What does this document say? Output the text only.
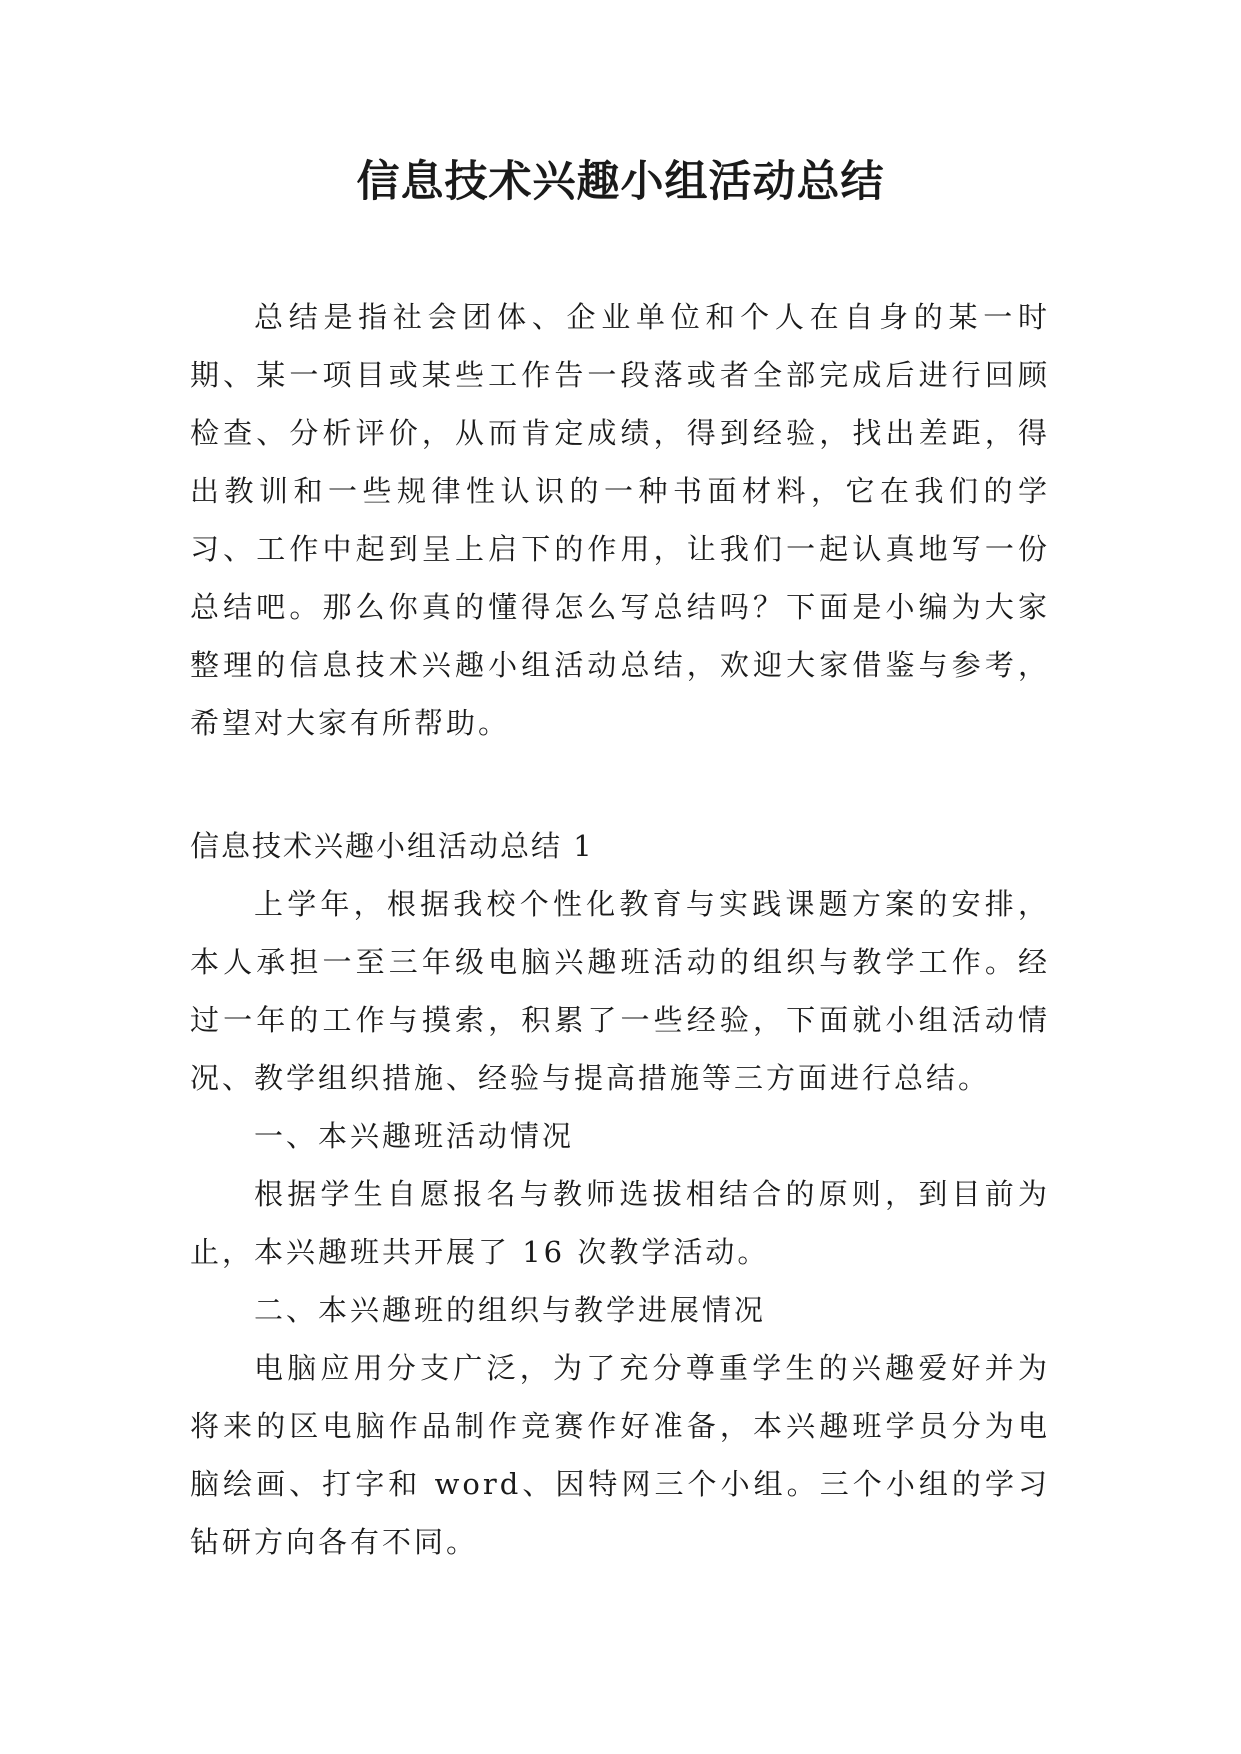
信息技术兴趣小组活动总结

总结是指社会团体、企业单位和个人在自身的某一时期、某一项目或某些工作告一段落或者全部完成后进行回顾检查、分析评价，从而肯定成绩，得到经验，找出差距，得出教训和一些规律性认识的一种书面材料，它在我们的学习、工作中起到呈上启下的作用，让我们一起认真地写一份总结吧。那么你真的懂得怎么写总结吗？下面是小编为大家整理的信息技术兴趣小组活动总结，欢迎大家借鉴与参考，希望对大家有所帮助。

信息技术兴趣小组活动总结 1

上学年，根据我校个性化教育与实践课题方案的安排，本人承担一至三年级电脑兴趣班活动的组织与教学工作。经过一年的工作与摸索，积累了一些经验，下面就小组活动情况、教学组织措施、经验与提高措施等三方面进行总结。

一、本兴趣班活动情况

根据学生自愿报名与教师选拔相结合的原则，到目前为止，本兴趣班共开展了 16 次教学活动。

二、本兴趣班的组织与教学进展情况

电脑应用分支广泛，为了充分尊重学生的兴趣爱好并为将来的区电脑作品制作竞赛作好准备，本兴趣班学员分为电脑绘画、打字和 word、因特网三个小组。三个小组的学习钻研方向各有不同。
